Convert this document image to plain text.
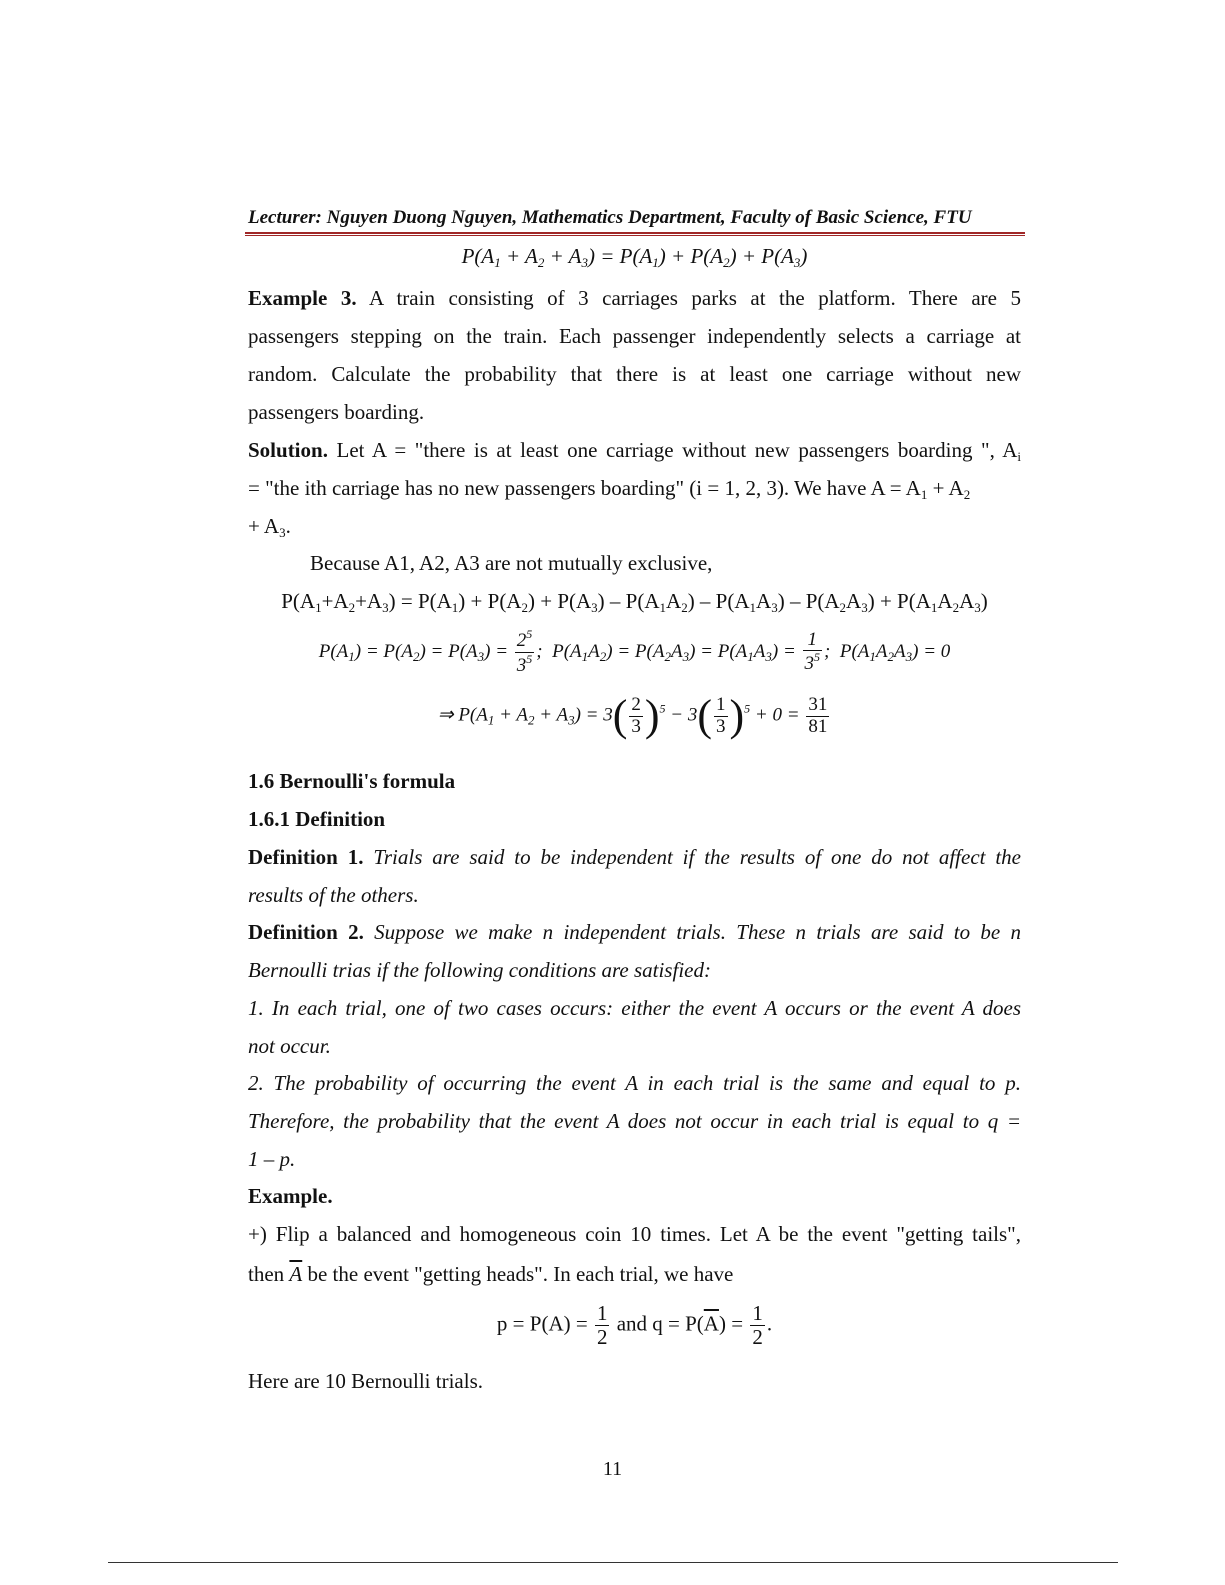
Lecturer: Nguyen Duong Nguyen, Mathematics Department, Faculty of Basic Science, FTU
$P(A_1 + A_2 + A_3) = P(A_1) + P(A_2) + P(A_3)$
Example 3. A train consisting of 3 carriages parks at the platform. There are 5
passengers stepping on the train. Each passenger independently selects a carriage at
random. Calculate the probability that there is at least one carriage without new
passengers boarding.
Solution. Let A = "there is at least one carriage without new passengers boarding ", $A_i$
= "the ith carriage has no new passengers boarding" (i = 1, 2, 3). We have $A = A_1 + A_2$
+ $A_3$.
Because A1, A2, A3 are not mutually exclusive,
$P(A_1+A_2+A_3) = P(A_1) + P(A_2) + P(A_3) - P(A_1A_2) - P(A_1A_3) - P(A_2A_3) + P(A_1A_2A_3)$
$P(A_1) = P(A_2) = P(A_3) = \frac{2^5}{3^5}$ ;  $P(A_1A_2) = P(A_2A_3) = P(A_1A_3) = \frac{1}{3^5}$ ;  $P(A_1A_2A_3) = 0$
⇒ $P(A_1 + A_2 + A_3) = 3( \frac{2}{3} )^5 - 3( \frac{1}{3} )^5 + 0 = \frac{31}{81}$
1.6 Bernoulli's formula
1.6.1 Definition
Definition 1. Trials are said to be independent if the results of one do not affect the
results of the others.
Definition 2. Suppose we make n independent trials. These n trials are said to be n
Bernoulli trias if the following conditions are satisfied:
1. In each trial, one of two cases occurs: either the event A occurs or the event A does
not occur.
2. The probability of occurring the event A in each trial is the same and equal to p.
Therefore, the probability that the event A does not occur in each trial is equal to q =
1 – p.
Example.
+) Flip a balanced and homogeneous coin 10 times. Let A be the event "getting tails",
then $\overline{A}$ be the event "getting heads". In each trial, we have
$p = P(A) = \frac{1}{2}$ and $q = P(\overline{A}) = \frac{1}{2}$ .
Here are 10 Bernoulli trials.
11
